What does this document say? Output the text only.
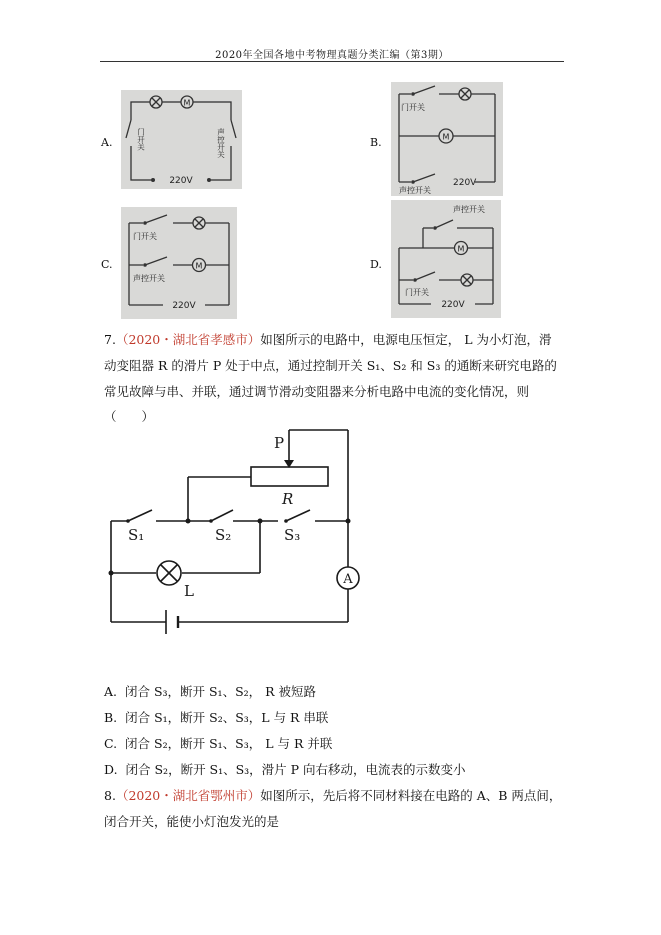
2020年全国各地中考物理真题分类汇编（第3期）
A.
M
门开关	声控开关
220V
B.	M
门开关
声控开关
220V
C.	M
门开关
声控开关
220V
D.
M
声控开关
门开关
220V
7.（2020・湖北省孝感市）如图所示的电路中，电源电压恒定， L 为小灯泡，滑
动变阻器 R 的滑片 P 处于中点，通过控制开关 S₁、S₂ 和 S₃ 的通断来研究电路的
常见故障与串、并联，通过调节滑动变阻器来分析电路中电流的变化情况，则
（　　）
P
R
S₁	S₂	S₃
L
A
A. 闭合 S₃，断开 S₁、S₂， R 被短路
B. 闭合 S₁，断开 S₂、S₃，L 与 R 串联
C. 闭合 S₂，断开 S₁、S₃， L 与 R 并联
D. 闭合 S₂，断开 S₁、S₃，滑片 P 向右移动，电流表的示数变小
8.（2020・湖北省鄂州市）如图所示，先后将不同材料接在电路的 A、B 两点间，
闭合开关，能使小灯泡发光的是
